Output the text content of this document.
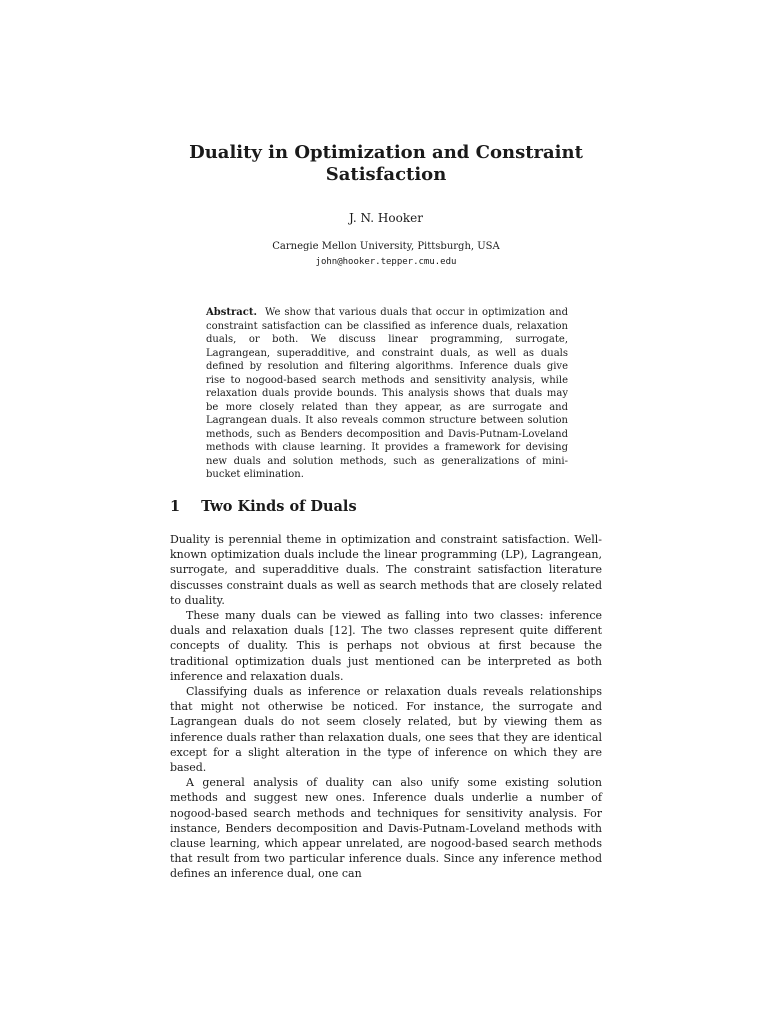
Duality in Optimization and Constraint Satisfaction
J. N. Hooker
Carnegie Mellon University, Pittsburgh, USA
john@hooker.tepper.cmu.edu
Abstract. We show that various duals that occur in optimization and constraint satisfaction can be classified as inference duals, relaxation duals, or both. We discuss linear programming, surrogate, Lagrangean, superadditive, and constraint duals, as well as duals defined by resolution and filtering algorithms. Inference duals give rise to nogood-based search methods and sensitivity analysis, while relaxation duals provide bounds. This analysis shows that duals may be more closely related than they appear, as are surrogate and Lagrangean duals. It also reveals common structure between solution methods, such as Benders decomposition and Davis-Putnam-Loveland methods with clause learning. It provides a framework for devising new duals and solution methods, such as generalizations of mini-bucket elimination.
1 Two Kinds of Duals

Duality is perennial theme in optimization and constraint satisfaction. Well-known optimization duals include the linear programming (LP), Lagrangean, surrogate, and superadditive duals. The constraint satisfaction literature discusses constraint duals as well as search methods that are closely related to duality.

These many duals can be viewed as falling into two classes: inference duals and relaxation duals [12]. The two classes represent quite different concepts of duality. This is perhaps not obvious at first because the traditional optimization duals just mentioned can be interpreted as both inference and relaxation duals.

Classifying duals as inference or relaxation duals reveals relationships that might not otherwise be noticed. For instance, the surrogate and Lagrangean duals do not seem closely related, but by viewing them as inference duals rather than relaxation duals, one sees that they are identical except for a slight alteration in the type of inference on which they are based.

A general analysis of duality can also unify some existing solution methods and suggest new ones. Inference duals underlie a number of nogood-based search methods and techniques for sensitivity analysis. For instance, Benders decomposition and Davis-Putnam-Loveland methods with clause learning, which appear unrelated, are nogood-based search methods that result from two particular inference duals. Since any inference method defines an inference dual, one can
